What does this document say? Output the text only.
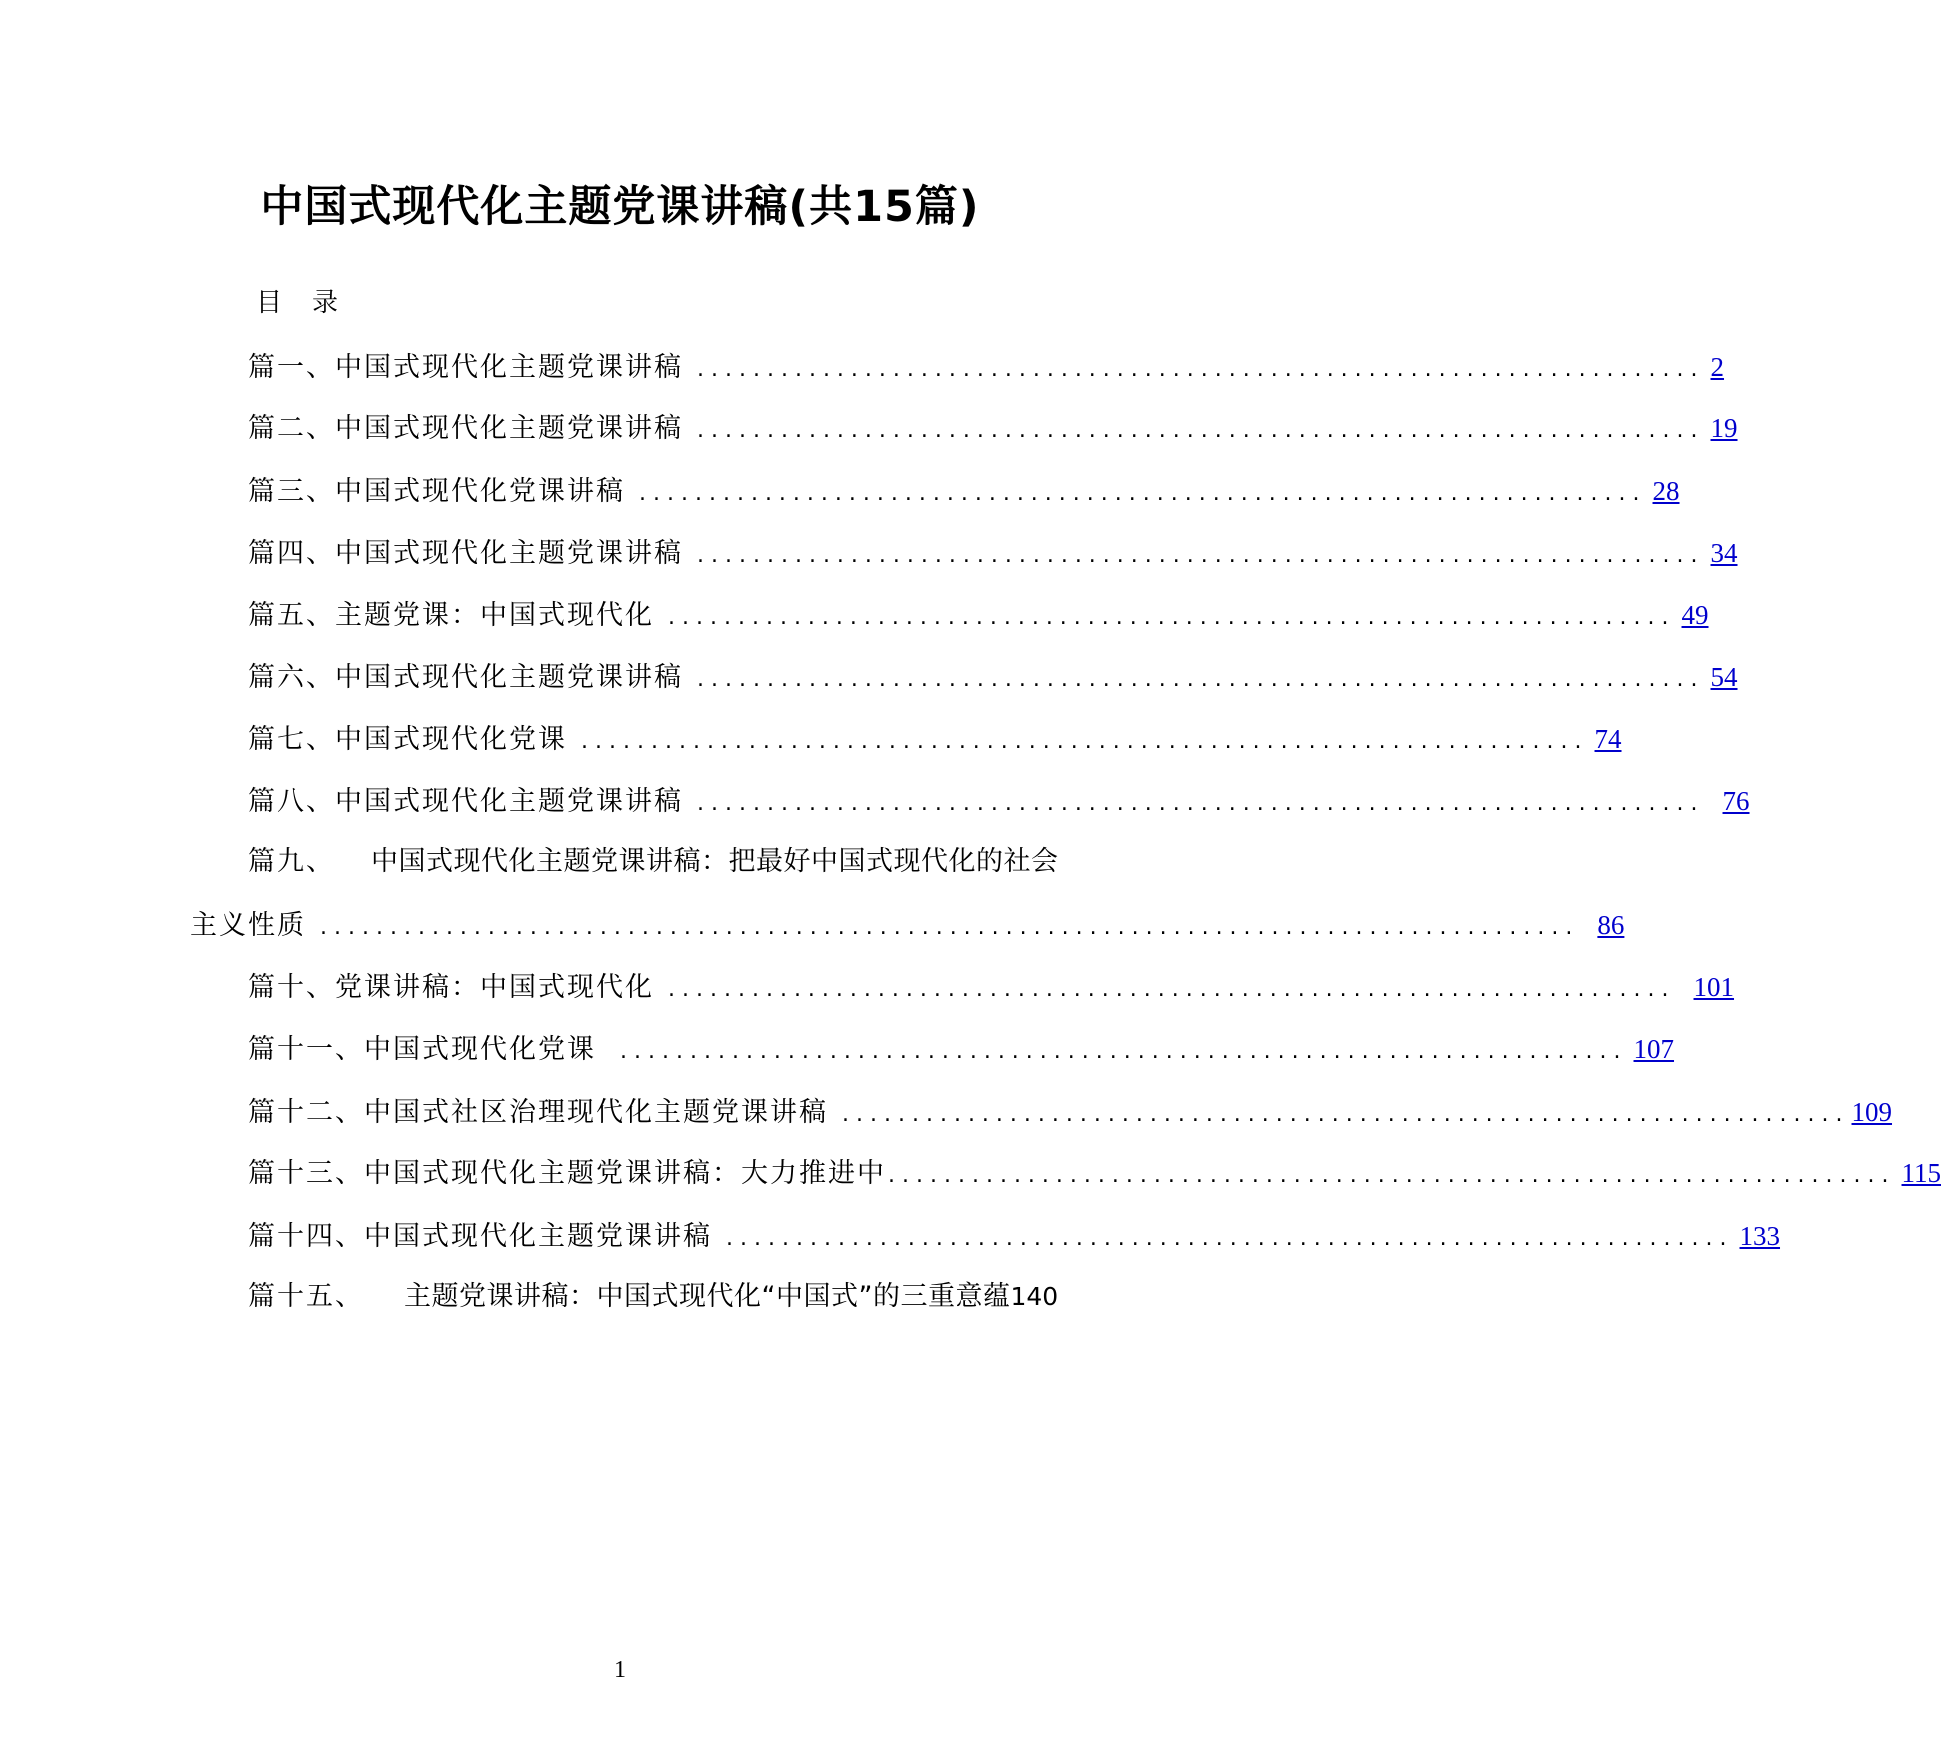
中国式现代化主题党课讲稿(共15篇)
目录
篇一、中国式现代化主题党课讲稿 ........................................................................ 2
篇二、中国式现代化主题党课讲稿 ........................................................................ 19
篇三、中国式现代化党课讲稿 ........................................................................ 28
篇四、中国式现代化主题党课讲稿 ........................................................................ 34
篇五、主题党课：中国式现代化 ........................................................................ 49
篇六、中国式现代化主题党课讲稿 ........................................................................ 54
篇七、中国式现代化党课 ........................................................................ 74
篇八、中国式现代化主题党课讲稿 ........................................................................ 76
篇九、 中国式现代化主题党课讲稿：把最好中国式现代化的社会
主义性质 .......................................................................................... 86
篇十、党课讲稿：中国式现代化 ........................................................................ 101
篇十一、中国式现代化党课 ........................................................................ 107
篇十二、中国式社区治理现代化主题党课讲稿 ........................................................................ 109
篇十三、中国式现代化主题党课讲稿：大力推进中 ........................................................................ 115
篇十四、中国式现代化主题党课讲稿 ........................................................................ 133
篇十五、 主题党课讲稿：中国式现代化“中国式”的三重意蕴140
1
